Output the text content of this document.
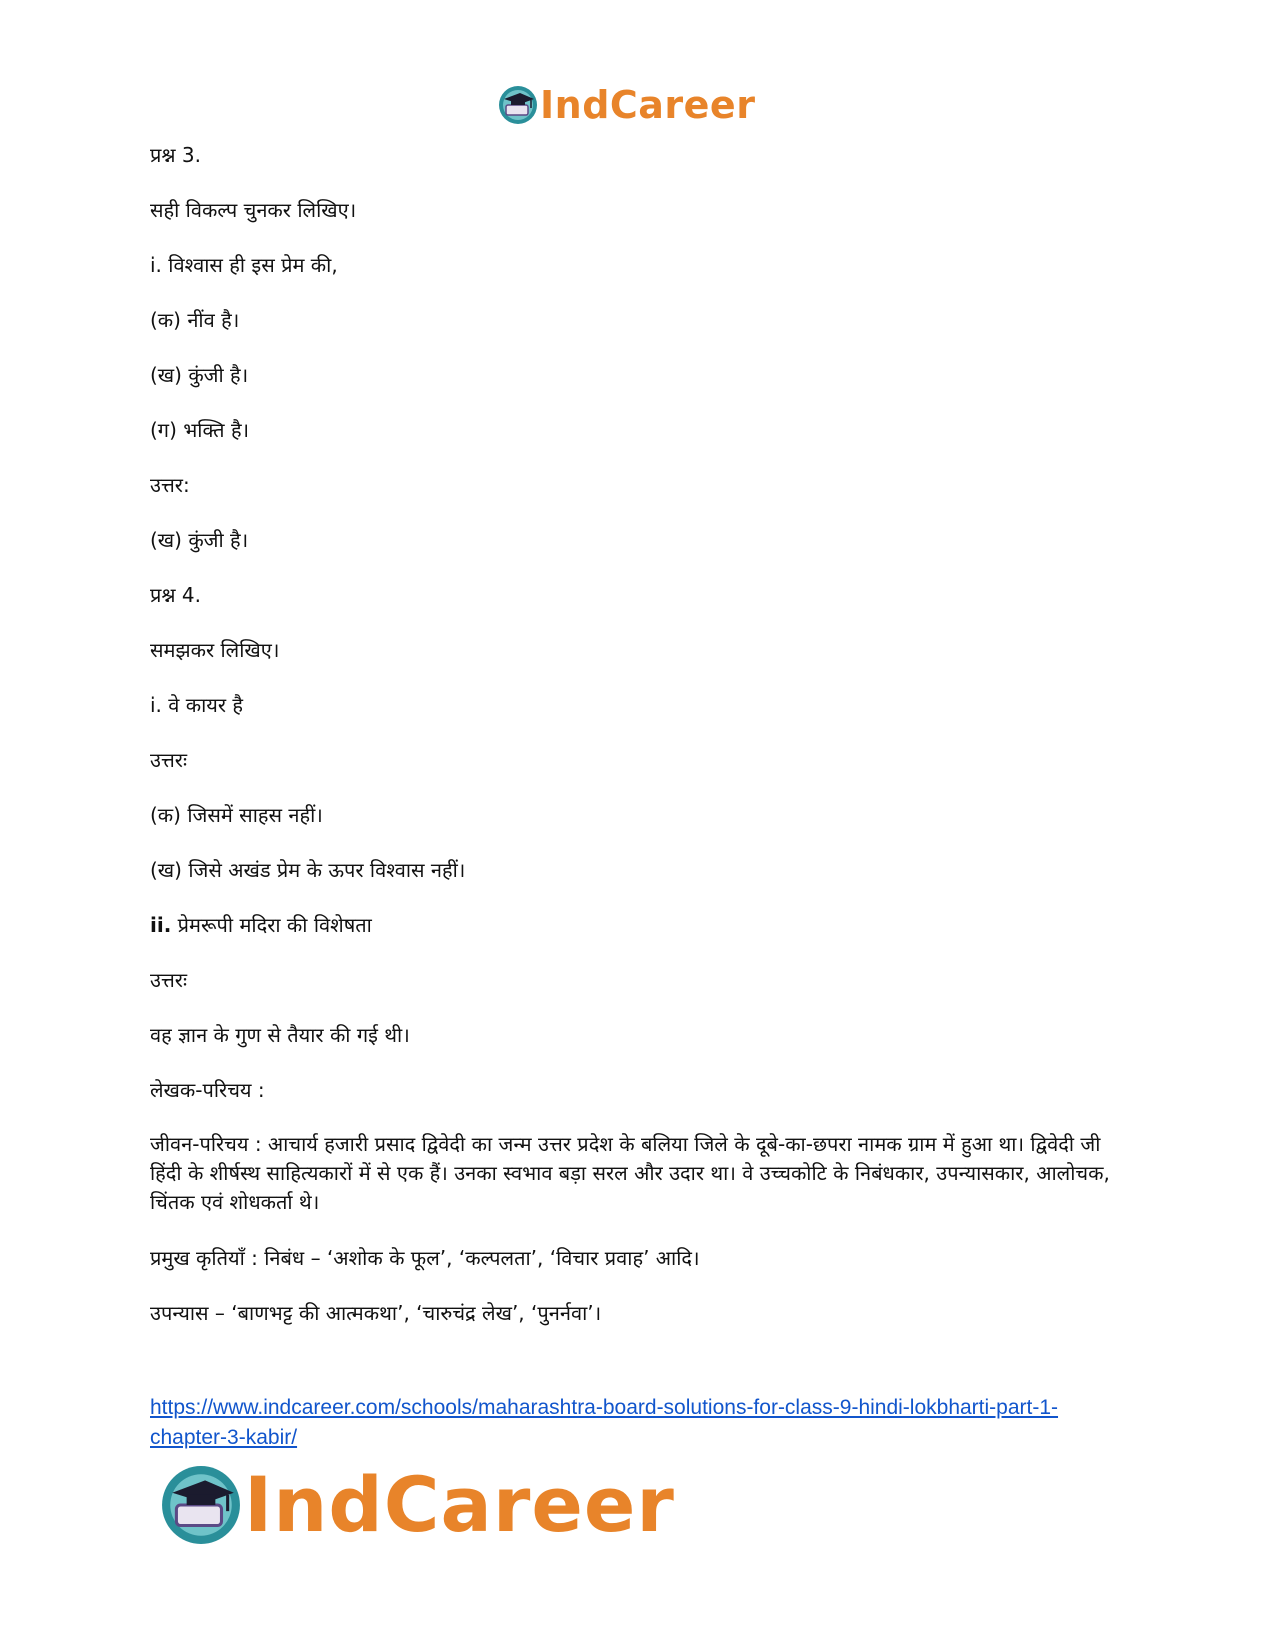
IndCareer
प्रश्न 3.
सही विकल्प चुनकर लिखिए।
i. विश्वास ही इस प्रेम की,
(क) नींव है।
(ख) कुंजी है।
(ग) भक्ति है।
उत्तर:
(ख) कुंजी है।
प्रश्न 4.
समझकर लिखिए।
i. वे कायर है
उत्तरः
(क) जिसमें साहस नहीं।
(ख) जिसे अखंड प्रेम के ऊपर विश्वास नहीं।
ii. प्रेमरूपी मदिरा की विशेषता
उत्तरः
वह ज्ञान के गुण से तैयार की गई थी।
लेखक-परिचय :
जीवन-परिचय : आचार्य हजारी प्रसाद द्विवेदी का जन्म उत्तर प्रदेश के बलिया जिले के दूबे-का-छपरा नामक ग्राम में हुआ था। द्विवेदी जी हिंदी के शीर्षस्थ साहित्यकारों में से एक हैं। उनका स्वभाव बड़ा सरल और उदार था। वे उच्चकोटि के निबंधकार, उपन्यासकार, आलोचक, चिंतक एवं शोधकर्ता थे।
प्रमुख कृतियाँ : निबंध – ‘अशोक के फूल’, ‘कल्पलता’, ‘विचार प्रवाह’ आदि।
उपन्यास – ‘बाणभट्ट की आत्मकथा’, ‘चारुचंद्र लेख’, ‘पुनर्नवा’।
https://www.indcareer.com/schools/maharashtra-board-solutions-for-class-9-hindi-lokbharti-part-1-chapter-3-kabir/
IndCareer
